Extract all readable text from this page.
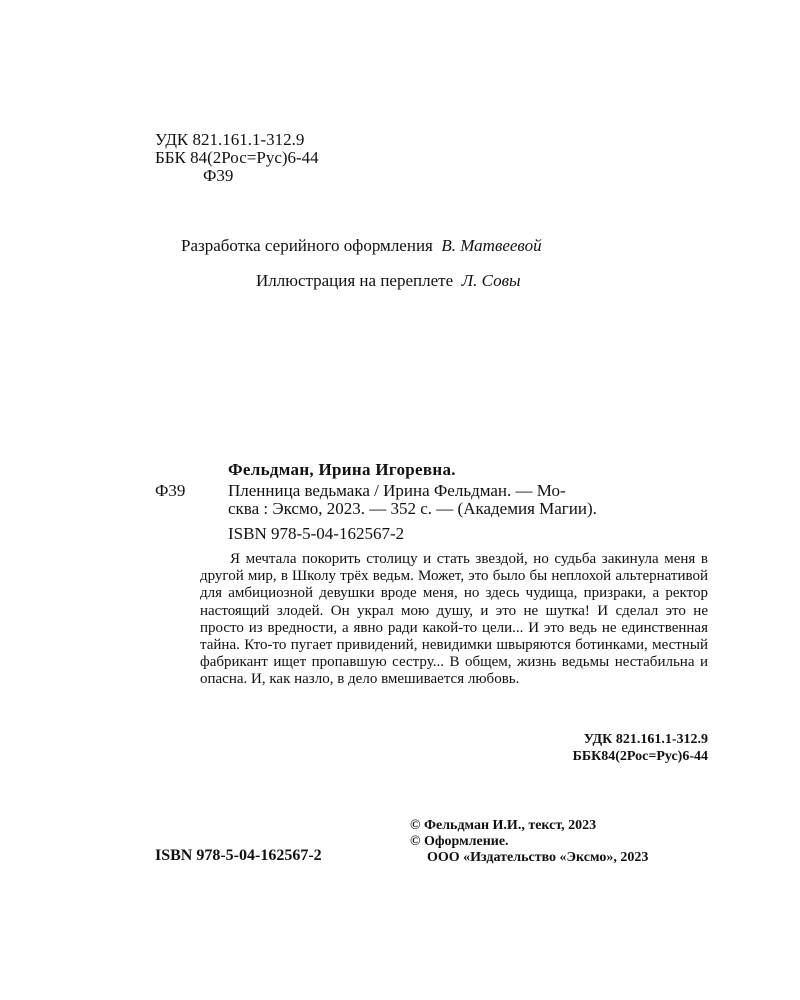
УДК 821.161.1-312.9
ББК 84(2Рос=Рус)6-44
Ф39
Разработка серийного оформления В. Матвеевой
Иллюстрация на переплете Л. Совы
Фельдман, Ирина Игоревна.
Ф39	Пленница ведьмака / Ирина Фельдман. — Мо-
сква : Эксмо, 2023. — 352 с. — (Академия Магии).
ISBN 978-5-04-162567-2
Я мечтала покорить столицу и стать звездой, но судьба закинула меня в другой мир, в Школу трёх ведьм. Может, это было бы неплохой альтернативой для амбициозной девушки вроде меня, но здесь чудища, призраки, а ректор настоящий злодей. Он украл мою душу, и это не шутка! И сделал это не просто из вредности, а явно ради какой-то цели... И это ведь не единственная тайна. Кто-то пугает привидений, невидимки швыряются ботинками, местный фабрикант ищет пропавшую сестру... В общем, жизнь ведьмы нестабильна и опасна. И, как назло, в дело вмешивается любовь.
УДК 821.161.1-312.9
ББК84(2Рос=Рус)6-44
© Фельдман И.И., текст, 2023
© Оформление.
ISBN 978-5-04-162567-2	ООО «Издательство «Эксмо», 2023
